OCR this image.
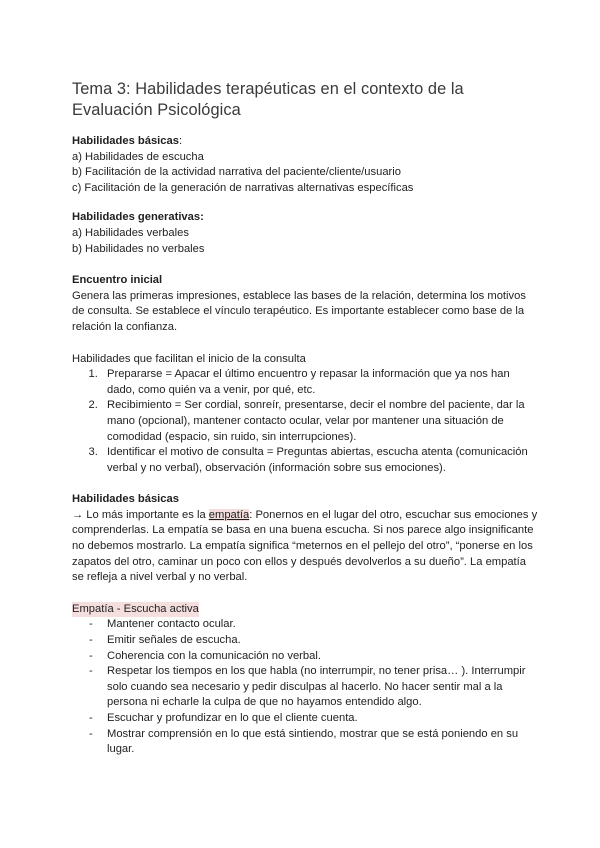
Tema 3: Habilidades terapéuticas en el contexto de la Evaluación Psicológica

Habilidades básicas:

a) Habilidades de escucha

b) Facilitación de la actividad narrativa del paciente/cliente/usuario

c) Facilitación de la generación de narrativas alternativas específicas

Habilidades generativas:

a) Habilidades verbales

b) Habilidades no verbales

Encuentro inicial

Genera las primeras impresiones, establece las bases de la relación, determina los motivos de consulta. Se establece el vínculo terapéutico. Es importante establecer como base de la relación la confianza.

Habilidades que facilitan el inicio de la consulta

1. Prepararse = Apacar el último encuentro y repasar la información que ya nos han dado, como quién va a venir, por qué, etc.
2. Recibimiento = Ser cordial, sonreír, presentarse, decir el nombre del paciente, dar la mano (opcional), mantener contacto ocular, velar por mantener una situación de comodidad (espacio, sin ruido, sin interrupciones).
3. Identificar el motivo de consulta = Preguntas abiertas, escucha atenta (comunicación verbal y no verbal), observación (información sobre sus emociones).

Habilidades básicas

→ Lo más importante es la empatía: Ponernos en el lugar del otro, escuchar sus emociones y comprenderlas. La empatía se basa en una buena escucha. Si nos parece algo insignificante no debemos mostrarlo. La empatía significa “meternos en el pellejo del otro”, “ponerse en los zapatos del otro, caminar un poco con ellos y después devolverlos a su dueño”. La empatía se refleja a nivel verbal y no verbal.

Empatía - Escucha activa

- Mantener contacto ocular.
- Emitir señales de escucha.
- Coherencia con la comunicación no verbal.
- Respetar los tiempos en los que habla (no interrumpir, no tener prisa… ). Interrumpir solo cuando sea necesario y pedir disculpas al hacerlo. No hacer sentir mal a la persona ni echarle la culpa de que no hayamos entendido algo.
- Escuchar y profundizar en lo que el cliente cuenta.
- Mostrar comprensión en lo que está sintiendo, mostrar que se está poniendo en su lugar.
